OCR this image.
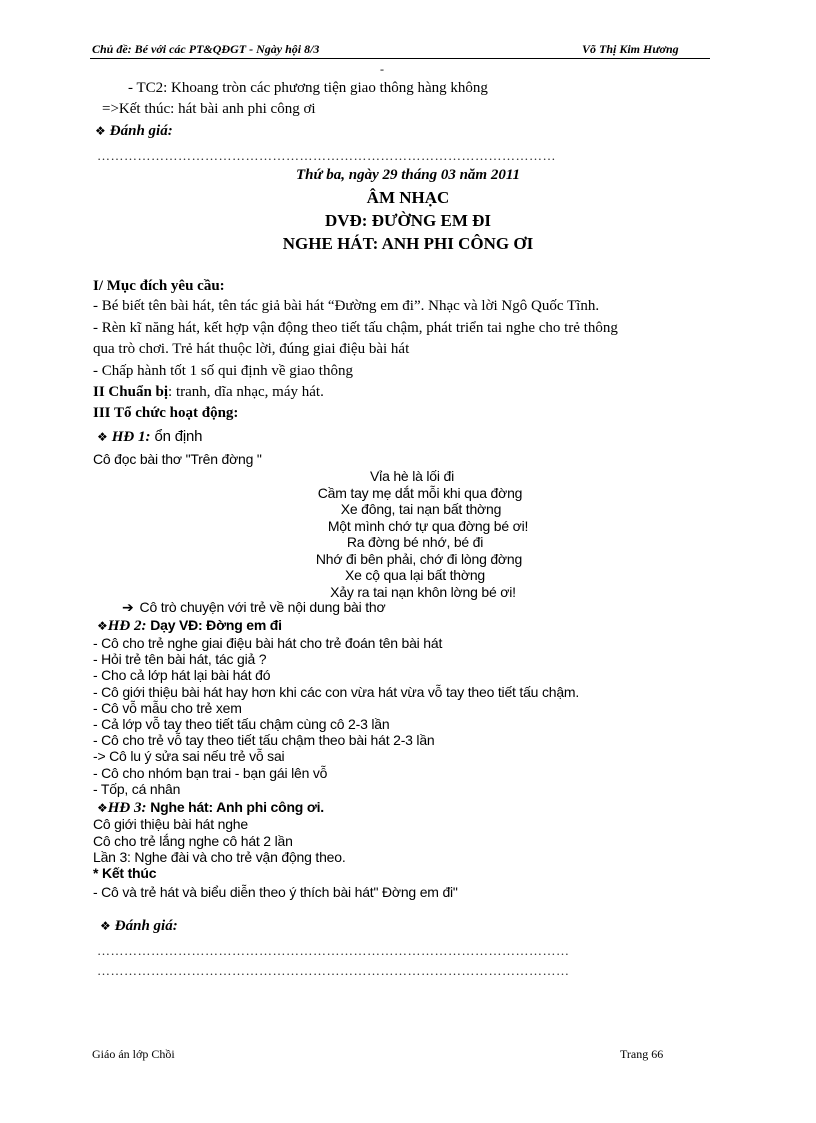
Chủ đề: Bé với các PT&QĐGT - Ngày hội 8/3	Võ Thị Kim Hương
-
- TC2: Khoang tròn các phương tiện giao thông hàng không
=>Kết thúc: hát bài anh phi công ơi
❖ Đánh giá:
…………………………………………………………………………………………
Thứ ba, ngày 29 tháng 03 năm 2011
ÂM NHẠC
DVĐ: ĐƯỜNG EM ĐI
NGHE HÁT: ANH PHI CÔNG ƠI
I/ Mục đích yêu cầu:
- Bé biết tên bài hát, tên tác giả bài hát “Đường em đi”. Nhạc và lời Ngô Quốc Tĩnh.
- Rèn kĩ năng hát, kết hợp vận động theo tiết tấu chậm, phát triển tai nghe cho trẻ thông
qua trò chơi. Trẻ hát thuộc lời, đúng giai điệu bài hát
- Chấp hành tốt 1 số qui định về giao thông
II Chuẩn bị: tranh, dĩa nhạc, máy hát.
III Tổ chức hoạt động:
❖ HĐ 1: ổn định
Cô đọc bài thơ "Trên đờng "
Vỉa hè là lối đi
Cầm tay mẹ dắt mỗi khi qua đờng
Xe đông, tai nạn bất thờng
Một mình chớ tự qua đờng bé ơi!
Ra đờng bé nhớ, bé đi
Nhớ đi bên phải, chớ đi lòng đờng
Xe cộ qua lại bất thờng
Xảy ra tai nạn khôn lờng bé ơi!
➔ Cô trò chuyện với trẻ về nội dung bài thơ
❖HĐ 2: Dạy VĐ: Đờng em đi
- Cô cho trẻ nghe giai điệu bài hát cho trẻ đoán tên bài hát
- Hỏi trẻ tên bài hát, tác giả ?
- Cho cả lớp hát lại bài hát đó
- Cô giới thiệu bài hát hay hơn khi các con vừa hát vừa vỗ tay theo tiết tấu chậm.
- Cô vỗ mẫu cho trẻ xem
- Cả lớp vỗ tay theo tiết tấu chậm cùng cô 2-3 lần
- Cô cho trẻ vỗ tay theo tiết tấu chậm theo bài hát 2-3 lần
-> Cô lu ý sửa sai nếu trẻ vỗ sai
- Cô cho nhóm bạn trai - bạn gái lên vỗ
- Tốp, cá nhân
❖HĐ 3: Nghe hát: Anh phi công ơi.
Cô giới thiệu bài hát nghe
Cô cho trẻ lắng nghe cô hát 2 lần
Lần 3: Nghe đài và cho trẻ vận động theo.
* Kết thúc
- Cô và trẻ hát và biểu diễn theo ý thích bài hát" Đờng em đi"
❖ Đánh giá:
……………………………………………………………………………………………
……………………………………………………………………………………………
Giáo án lớp Chồi	Trang 66
